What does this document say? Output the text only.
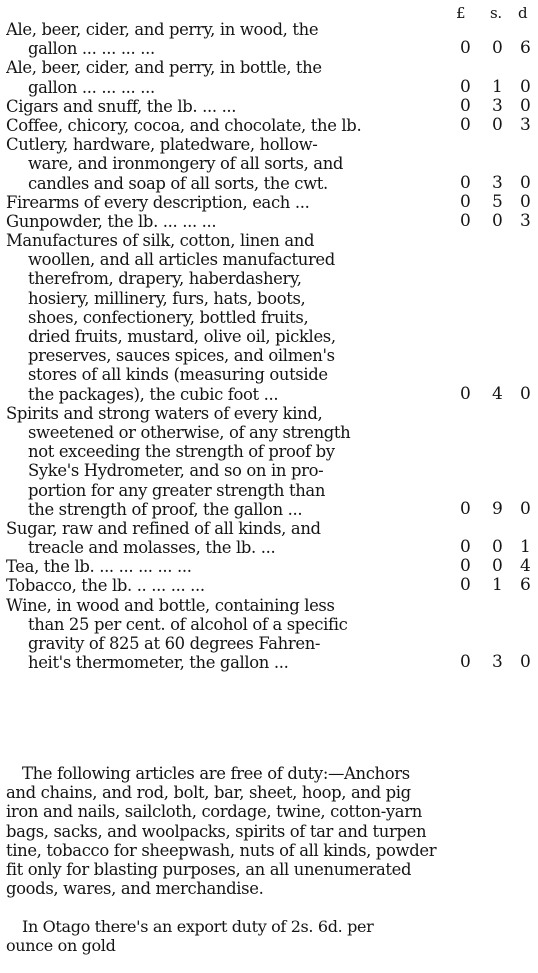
£ s. d
Ale, beer, cider, and perry, in wood, the
gallon ... ... ... ...	0 0 6
Ale, beer, cider, and perry, in bottle, the
gallon ... ... ... ...	0 1 0
Cigars and snuff, the lb. ... ...	0 3 0
Coffee, chicory, cocoa, and chocolate, the lb.	0 0 3
Cutlery, hardware, platedware, hollow-
ware, and ironmongery of all sorts, and
candles and soap of all sorts, the cwt.	0 3 0
Firearms of every description, each ...	0 5 0
Gunpowder, the lb. ... ... ...	0 0 3
Manufactures of silk, cotton, linen and
woollen, and all articles manufactured
therefrom, drapery, haberdashery,
hosiery, millinery, furs, hats, boots,
shoes, confectionery, bottled fruits,
dried fruits, mustard, olive oil, pickles,
preserves, sauces spices, and oilmen's
stores of all kinds (measuring outside
the packages), the cubic foot ...	0 4 0
Spirits and strong waters of every kind,
sweetened or otherwise, of any strength
not exceeding the strength of proof by
Syke's Hydrometer, and so on in pro-
portion for any greater strength than
the strength of proof, the gallon ...	0 9 0
Sugar, raw and refined of all kinds, and
treacle and molasses, the lb. ...	0 0 1
Tea, the lb. ... ... ... ... ...	0 0 4
Tobacco, the lb. .. ... ... ...	0 1 6
Wine, in wood and bottle, containing less
than 25 per cent. of alcohol of a specific
gravity of 825 at 60 degrees Fahren-
heit's thermometer, the gallon ...	0 3 0
The following articles are free of duty:—Anchors
and chains, and rod, bolt, bar, sheet, hoop, and pig
iron and nails, sailcloth, cordage, twine, cotton-yarn
bags, sacks, and woolpacks, spirits of tar and turpen
tine, tobacco for sheepwash, nuts of all kinds, powder
fit only for blasting purposes, an all unenumerated
goods, wares, and merchandise.
In Otago there's an export duty of 2s. 6d. per
ounce on gold
